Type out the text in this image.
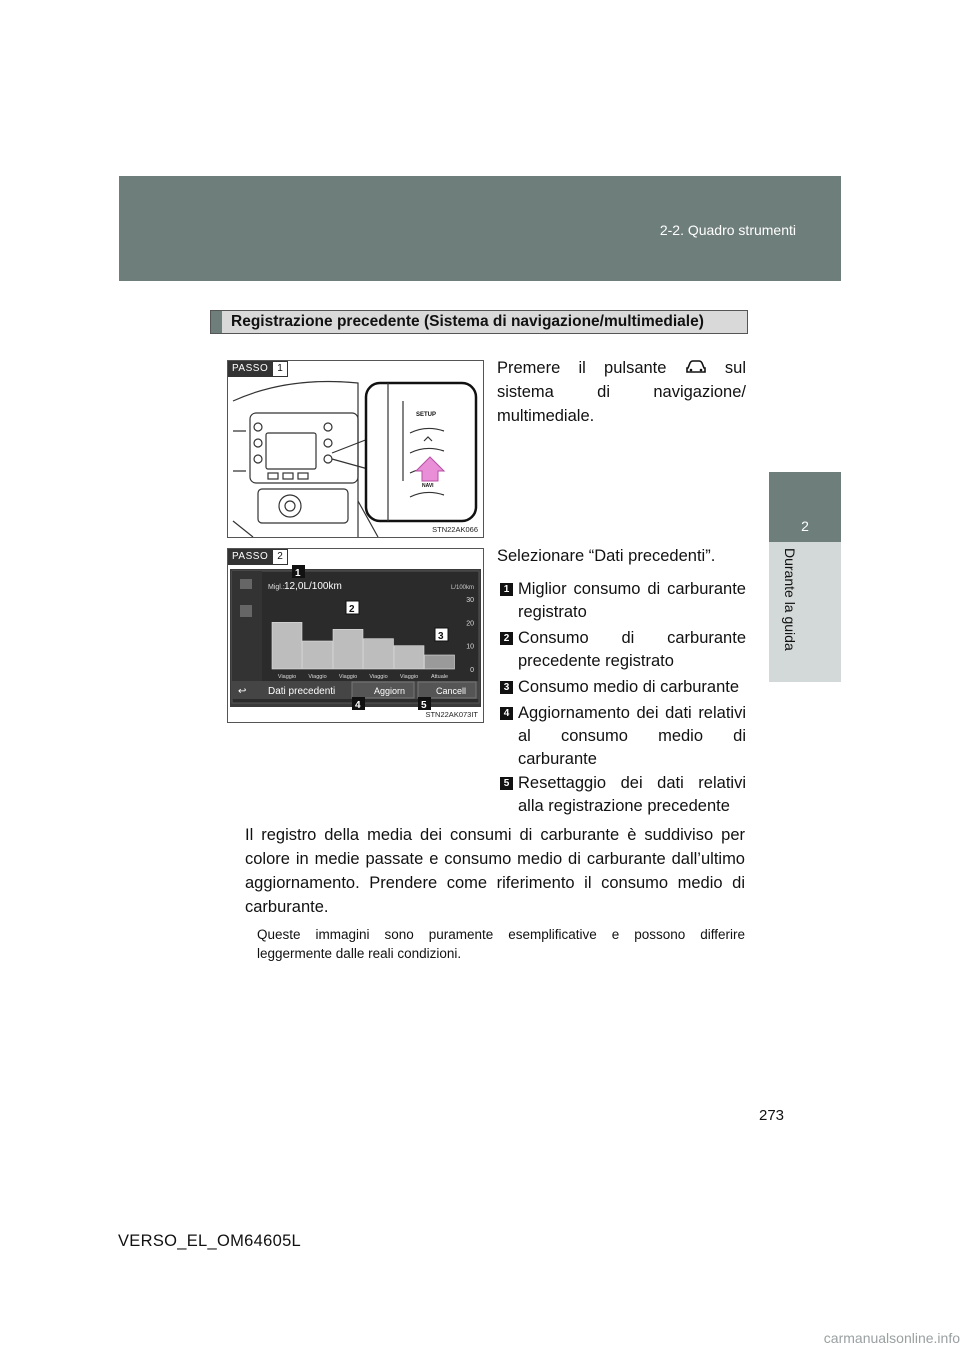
2-2. Quadro strumenti
2
Durante la guida
Registrazione precedente (Sistema di navigazione/multimediale)
PASSO 1
SETUP
NAVI
STN22AK066
Premere il pulsante	sul sistema di navigazione/ multimediale.
PASSO 2
Migl.: 12,0L/100km	L/100km
30
20
10
0
Viaggio Viaggio Viaggio Viaggio Viaggio Attuale
↩ Dati precedenti	Aggiorn	Cancell
1
2
3
4	5
STN22AK073IT
Selezionare “Dati precedenti”.
1 Miglior consumo di carburante registrato
2 Consumo di carburante precedente registrato
3 Consumo medio di carburante
4 Aggiornamento dei dati relativi al consumo medio di carburante
5 Resettaggio dei dati relativi alla registrazione precedente
Il registro della media dei consumi di carburante è suddiviso per colore in medie passate e consumo medio di carburante dall’ultimo aggiornamento. Prendere come riferimento il consumo medio di carburante.
Queste immagini sono puramente esemplificative e possono differire leggermente dalle reali condizioni.
273
VERSO_EL_OM64605L
carmanualsonline.info
